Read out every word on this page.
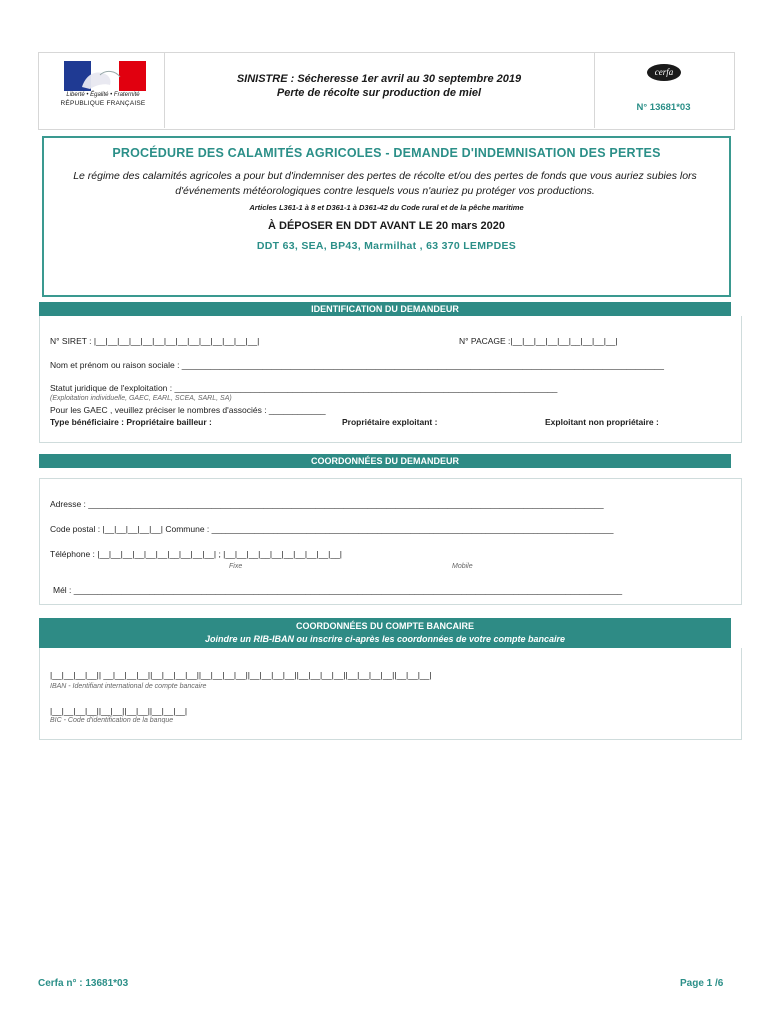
Liberté • Égalité • Fraternité
RÉPUBLIQUE FRANÇAISE
SINISTRE : Sécheresse 1er avril au 30 septembre 2019
Perte de récolte sur production de miel
cerfa
N° 13681*03
PROCÉDURE DES CALAMITÉS AGRICOLES - DEMANDE D'INDEMNISATION DES PERTES
Le régime des calamités agricoles a pour but d'indemniser des pertes de récolte et/ou des pertes de fonds que vous auriez subies lors d'événements météorologiques contre lesquels vous n'auriez pu protéger vos productions.
Articles L361-1 à 8 et D361-1 à D361-42 du Code rural et de la pêche maritime
À DÉPOSER EN DDT AVANT LE 20 mars 2020
DDT 63, SEA, BP43, Marmilhat , 63 370 LEMPDES
IDENTIFICATION DU DEMANDEUR
N° SIRET : |__|__|__|__|__|__|__|__|__|__|__|__|__|__|	N° PACAGE :|__|__|__|__|__|__|__|__|__|
Nom et prénom ou raison sociale : ______________________________________________________________________________________________________
Statut juridique de l'exploitation : _________________________________________________________________________________
(Exploitation individuelle, GAEC, EARL, SCEA, SARL, SA)
Pour les GAEC , veuillez préciser le nombres d'associés : ____________
Type bénéficiaire : Propriétaire bailleur :	Propriétaire exploitant :	Exploitant non propriétaire :
COORDONNÉES DU DEMANDEUR
Adresse : _____________________________________________________________________________________________________________
Code postal : |__|__|__|__|__| Commune : _____________________________________________________________________________________
Téléphone : |__|__|__|__|__|__|__|__|__|__| ; |__|__|__|__|__|__|__|__|__|__|
Fixe	Mobile
Mél : ____________________________________________________________________________________________________________________
COORDONNÉES DU COMPTE BANCAIRE
Joindre un RIB-IBAN ou inscrire ci-après les coordonnées de votre compte bancaire
|__|__|__|__|| __|__|__|__||__|__|__|__||__|__|__|__||__|__|__|__||__|__|__|__||__|__|__|__||__|__|__|
IBAN - Identifiant international de compte bancaire
|__|__|__|__||__|__||__|__||__|__|__|
BIC - Code d'identification de la banque
Cerfa n° : 13681*03	Page 1 /6
